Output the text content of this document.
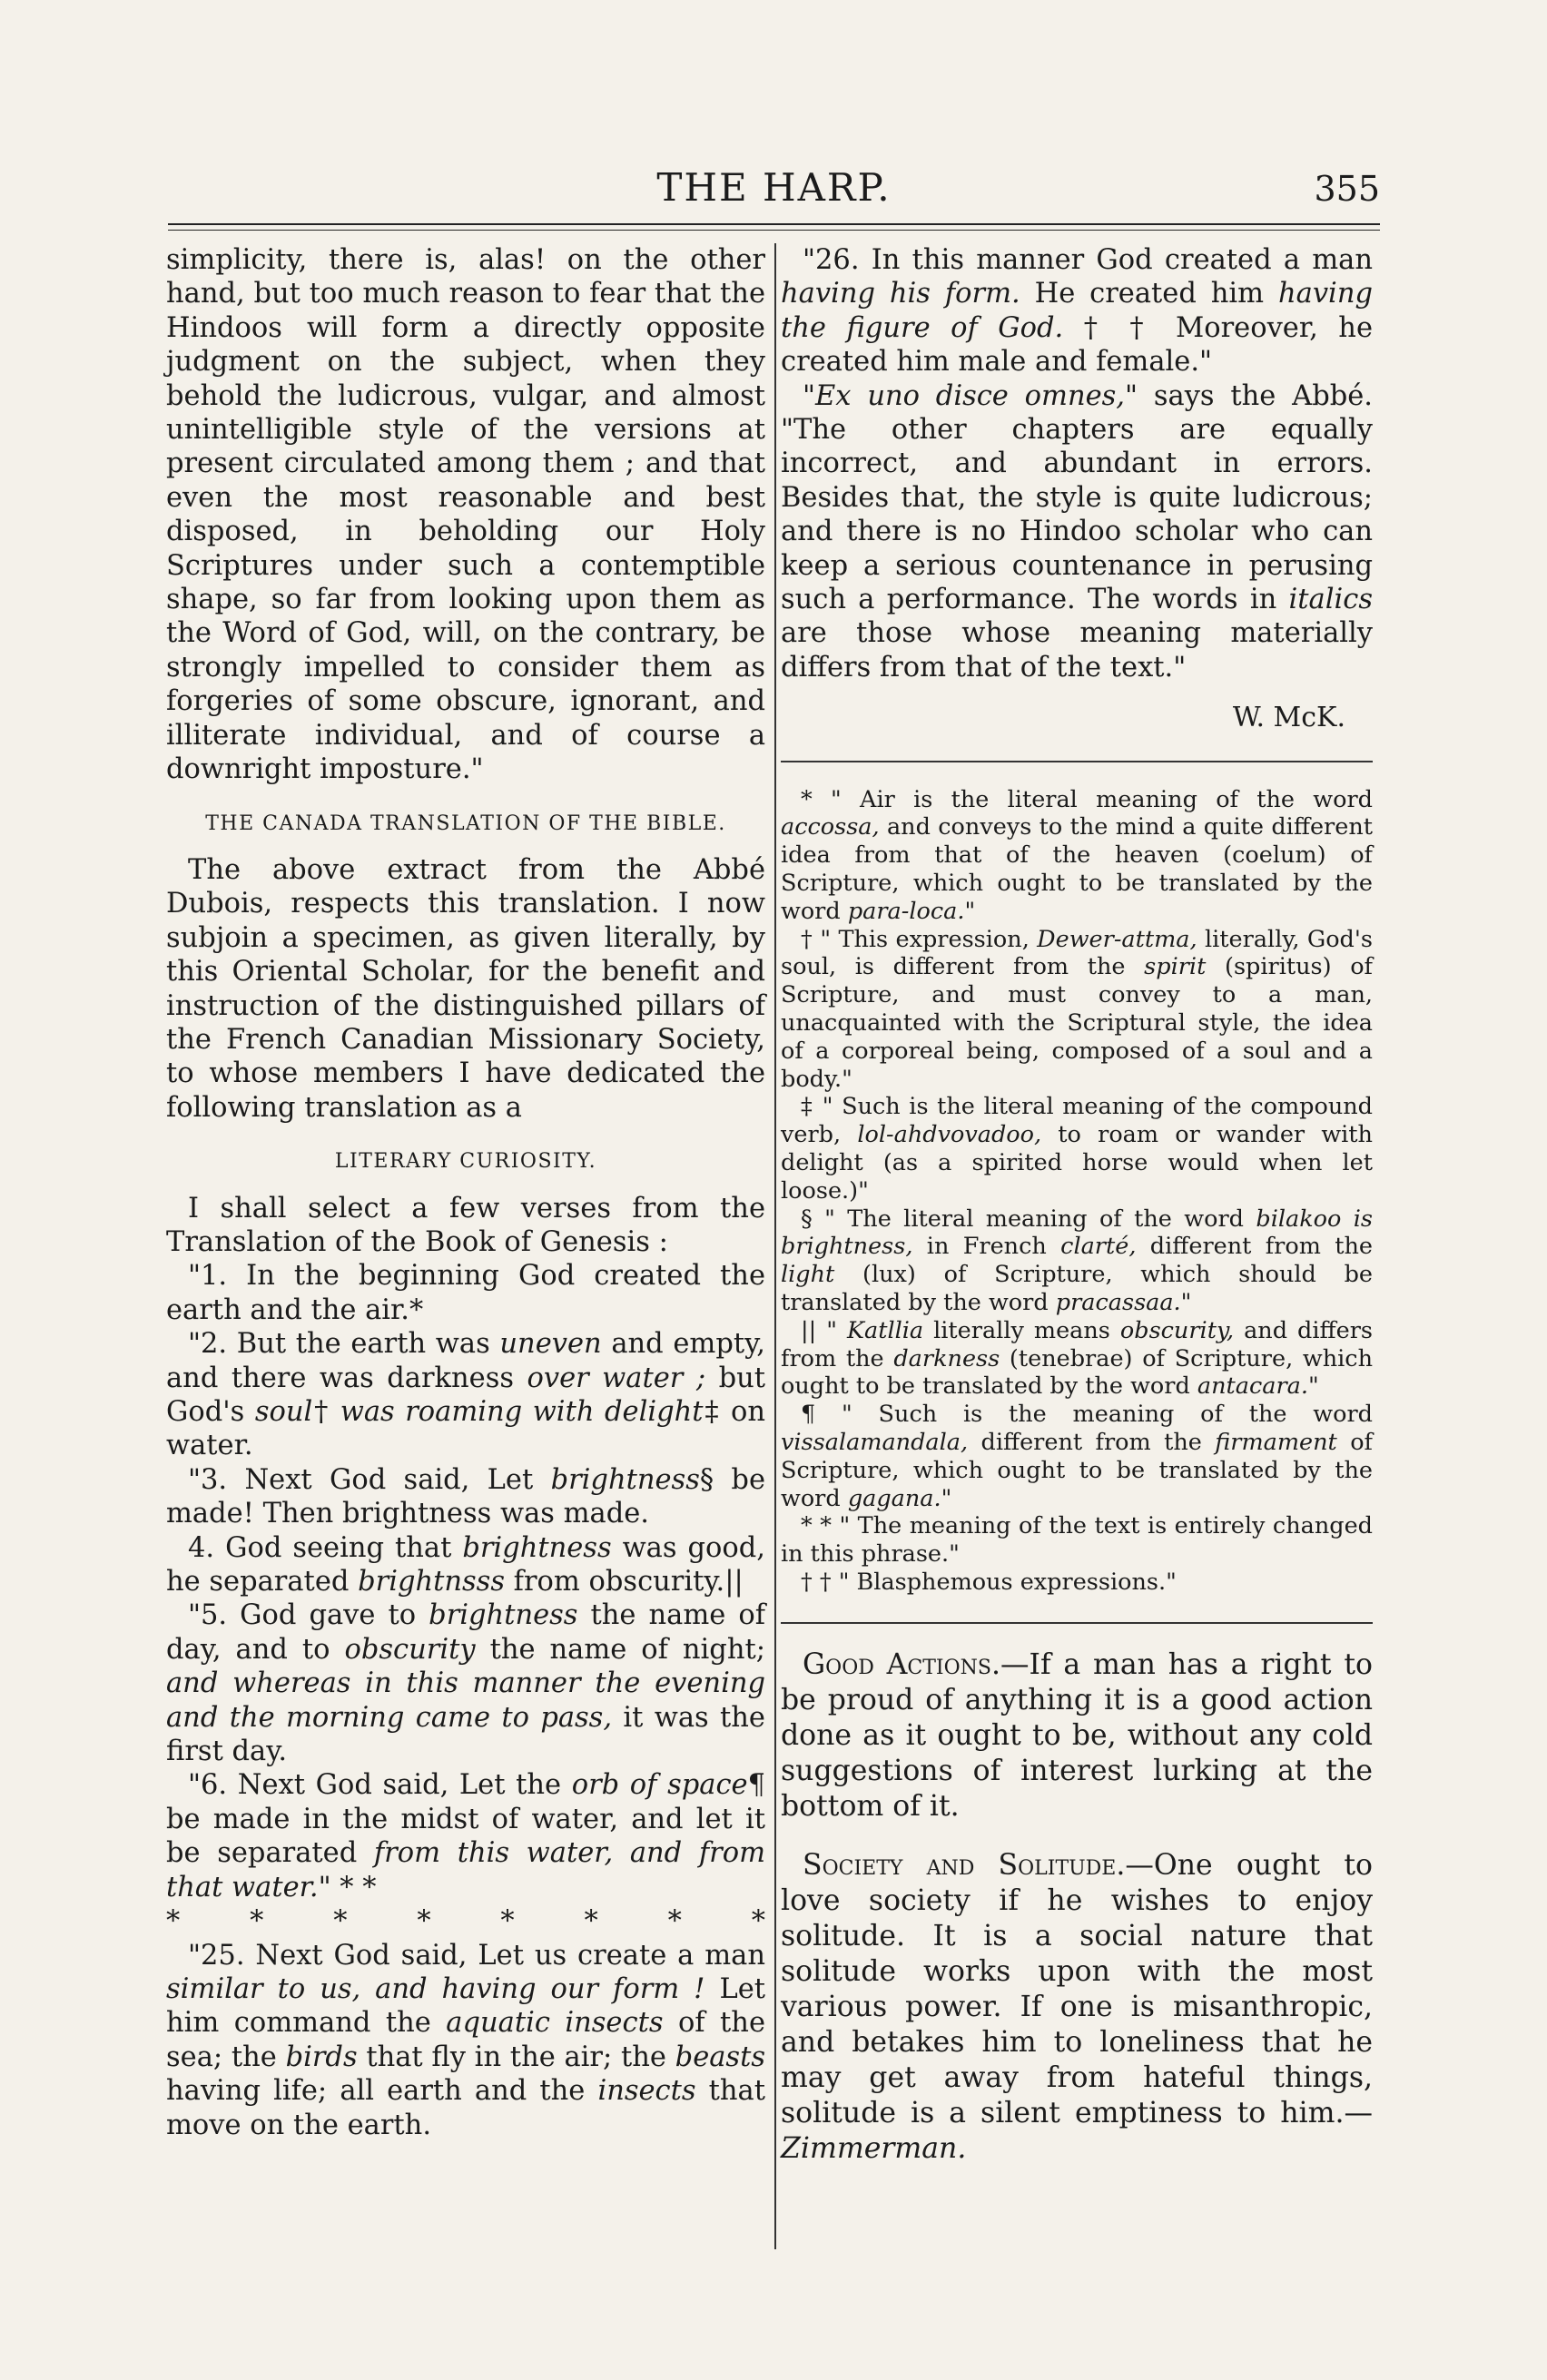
THE HARP.	355

simplicity, there is, alas! on the other hand, but too much reason to fear that the Hindoos will form a directly opposite judgment on the subject, when they behold the ludicrous, vulgar, and almost unintelligible style of the versions at present circulated among them ; and that even the most reasonable and best disposed, in beholding our Holy Scriptures under such a contemptible shape, so far from looking upon them as the Word of God, will, on the contrary, be strongly impelled to consider them as forgeries of some obscure, ignorant, and illiterate individual, and of course a downright imposture."

THE CANADA TRANSLATION OF THE BIBLE.

The above extract from the Abbé Dubois, respects this translation. I now subjoin a specimen, as given literally, by this Oriental Scholar, for the benefit and instruction of the distinguished pillars of the French Canadian Missionary Society, to whose members I have dedicated the following translation as a

LITERARY CURIOSITY.

I shall select a few verses from the Translation of the Book of Genesis :

"1. In the beginning God created the earth and the air.*

"2. But the earth was uneven and empty, and there was darkness over water ; but God's soul† was roaming with delight‡ on water.

"3. Next God said, Let brightness§ be made! Then brightness was made.

4. God seeing that brightness was good, he separated brightnsss from obscurity.||

"5. God gave to brightness the name of day, and to obscurity the name of night; and whereas in this manner the evening and the morning came to pass, it was the first day.

"6. Next God said, Let the orb of space¶ be made in the midst of water, and let it be separated from this water, and from that water." * *

* * * * * * * *

"25. Next God said, Let us create a man similar to us, and having our form ! Let him command the aquatic insects of the sea; the birds that fly in the air; the beasts having life; all earth and the insects that move on the earth.

"26. In this manner God created a man having his form. He created him having the figure of God. † † Moreover, he created him male and female."

"Ex uno disce omnes," says the Abbé. "The other chapters are equally incorrect, and abundant in errors. Besides that, the style is quite ludicrous; and there is no Hindoo scholar who can keep a serious countenance in perusing such a performance. The words in italics are those whose meaning materially differs from that of the text."

W. McK.

* " Air is the literal meaning of the word accossa, and conveys to the mind a quite different idea from that of the heaven (coelum) of Scripture, which ought to be translated by the word para-loca."

† " This expression, Dewer-attma, literally, God's soul, is different from the spirit (spiritus) of Scripture, and must convey to a man, unacquainted with the Scriptural style, the idea of a corporeal being, composed of a soul and a body."

‡ " Such is the literal meaning of the compound verb, lol-ahdvovadoo, to roam or wander with delight (as a spirited horse would when let loose.)"

§ " The literal meaning of the word bilakoo is brightness, in French clarté, different from the light (lux) of Scripture, which should be translated by the word pracassaa."

|| " Katllia literally means obscurity, and differs from the darkness (tenebrae) of Scripture, which ought to be translated by the word antacara."

¶ " Such is the meaning of the word vissalamandala, different from the firmament of Scripture, which ought to be translated by the word gagana."

* * " The meaning of the text is entirely changed in this phrase."

† † " Blasphemous expressions."

Good Actions.—If a man has a right to be proud of anything it is a good action done as it ought to be, without any cold suggestions of interest lurking at the bottom of it.

Society and Solitude.—One ought to love society if he wishes to enjoy solitude. It is a social nature that solitude works upon with the most various power. If one is misanthropic, and betakes him to loneliness that he may get away from hateful things, solitude is a silent emptiness to him.—Zimmerman.
